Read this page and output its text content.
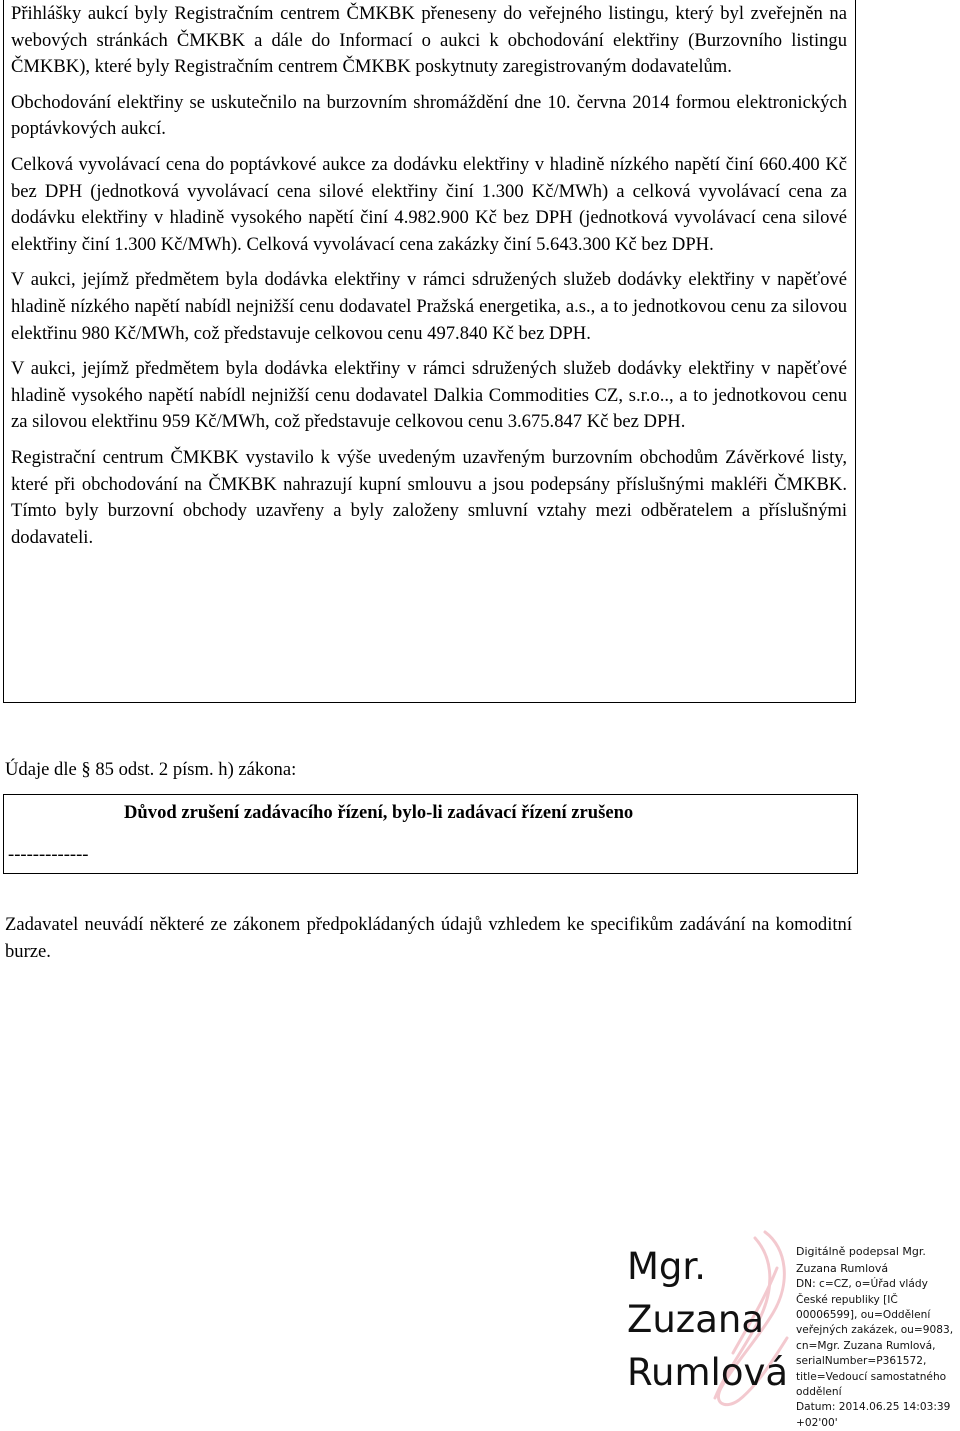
Přihlášky aukcí byly Registračním centrem ČMKBK přeneseny do veřejného listingu, který byl zveřejněn na webových stránkách ČMKBK a dále do Informací o aukci k obchodování elektřiny (Burzovního listingu ČMKBK), které byly Registračním centrem ČMKBK poskytnuty zaregistrovaným dodavatelům.

Obchodování elektřiny se uskutečnilo na burzovním shromáždění dne 10. června 2014 formou elektronických poptávkových aukcí.

Celková vyvolávací cena do poptávkové aukce za dodávku elektřiny v hladině nízkého napětí činí 660.400 Kč bez DPH (jednotková vyvolávací cena silové elektřiny činí 1.300 Kč/MWh) a celková vyvolávací cena za dodávku elektřiny v hladině vysokého napětí činí 4.982.900 Kč bez DPH (jednotková vyvolávací cena silové elektřiny činí 1.300 Kč/MWh). Celková vyvolávací cena zakázky činí 5.643.300 Kč bez DPH.

V aukci, jejímž předmětem byla dodávka elektřiny v rámci sdružených služeb dodávky elektřiny v napěťové hladině nízkého napětí nabídl nejnižší cenu dodavatel Pražská energetika, a.s., a to jednotkovou cenu za silovou elektřinu 980 Kč/MWh, což představuje celkovou cenu 497.840 Kč bez DPH.

V aukci, jejímž předmětem byla dodávka elektřiny v rámci sdružených služeb dodávky elektřiny v napěťové hladině vysokého napětí nabídl nejnižší cenu dodavatel Dalkia Commodities CZ, s.r.o.., a to jednotkovou cenu za silovou elektřinu 959 Kč/MWh, což představuje celkovou cenu 3.675.847 Kč bez DPH.

Registrační centrum ČMKBK vystavilo k výše uvedeným uzavřeným burzovním obchodům Závěrkové listy, které při obchodování na ČMKBK nahrazují kupní smlouvu a jsou podepsány příslušnými makléři ČMKBK. Tímto byly burzovní obchody uzavřeny a byly založeny smluvní vztahy mezi odběratelem a příslušnými dodavateli.

Údaje dle § 85 odst. 2 písm. h) zákona:

Důvod zrušení zadávacího řízení, bylo-li zadávací řízení zrušeno

-------------

Zadavatel neuvádí některé ze zákonem předpokládaných údajů vzhledem ke specifikům zadávání na komoditní burze.

Mgr.
Zuzana
Rumlová

Digitálně podepsal Mgr. Zuzana Rumlová
DN: c=CZ, o=Úřad vlády České republiky [IČ 00006599], ou=Oddělení veřejných zakázek, ou=9083, cn=Mgr. Zuzana Rumlová, serialNumber=P361572, title=Vedoucí samostatného oddělení
Datum: 2014.06.25 14:03:39 +02'00'
